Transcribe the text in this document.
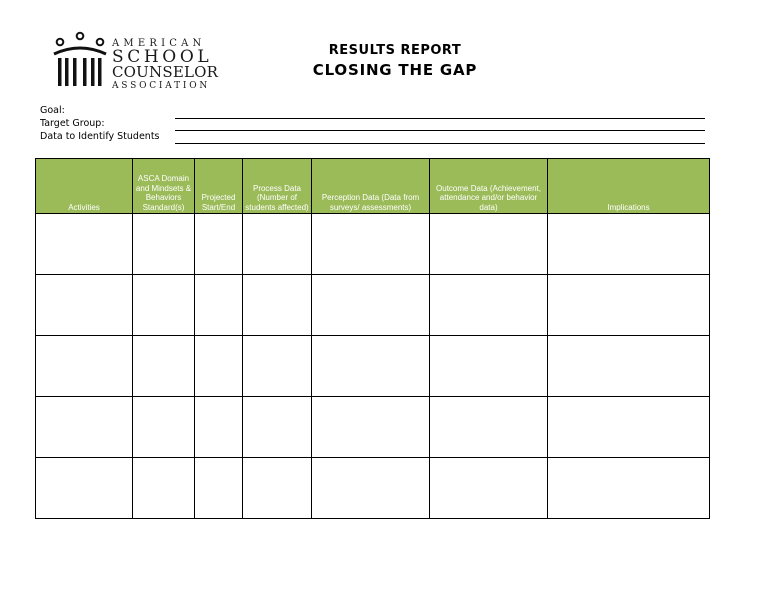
AMERICAN
SCHOOL
COUNSELOR
ASSOCIATION
RESULTS REPORT
CLOSING THE GAP
Goal:
Target Group:
Data to Identify Students
Activities	ASCA Domain and Mindsets & Behaviors Standard(s)	Projected Start/End	Process Data (Number of students affected)	Perception Data (Data from surveys/ assessments)	Outcome Data (Achievement, attendance and/or behavior data)	Implications
